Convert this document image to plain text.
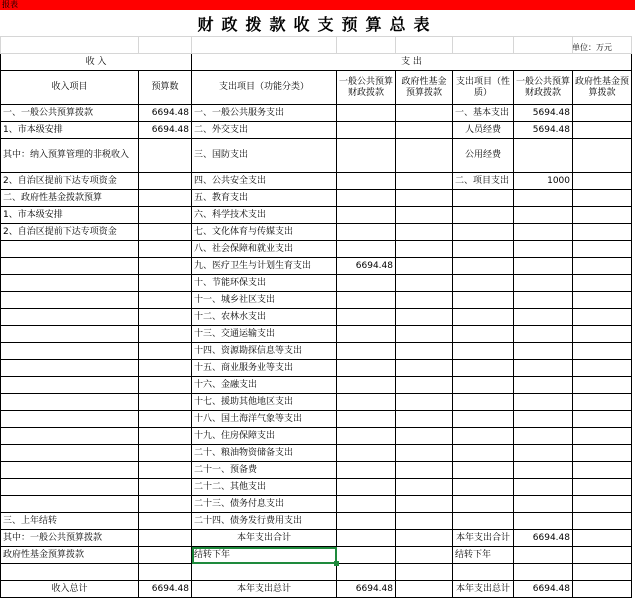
报表
财政拨款收支预算总表
单位：万元

收 入		支 出					
收入项目	预算数	支出项目（功能分类）	一般公共预算财政拨款	政府性基金预算拨款	支出项目（性质）	一般公共预算财政拨款	政府性基金预算拨款
一、一般公共预算拨款	6694.48	一、一般公共服务支出			一、基本支出	5694.48	
1、市本级安排	6694.48	二、外交支出			人员经费	5694.48	
其中：纳入预算管理的非税收入		三、国防支出			公用经费		
2、自治区提前下达专项资金		四、公共安全支出			二、项目支出	1000	
二、政府性基金拨款预算		五、教育支出					
1、市本级安排		六、科学技术支出					
2、自治区提前下达专项资金		七、文化体育与传媒支出					
		八、社会保障和就业支出					
		九、医疗卫生与计划生育支出	6694.48				
		十、节能环保支出					
		十一、城乡社区支出					
		十二、农林水支出					
		十三、交通运输支出					
		十四、资源勘探信息等支出					
		十五、商业服务业等支出					
		十六、金融支出					
		十七、援助其他地区支出					
		十八、国土海洋气象等支出					
		十九、住房保障支出					
		二十、粮油物资储备支出					
		二十一、预备费					
		二十二、其他支出					
		二十三、债务付息支出					
三、上年结转		二十四、债务发行费用支出					
其中：一般公共预算拨款		本年支出合计			本年支出合计	6694.48	
政府性基金预算拨款		结转下年			结转下年		

收入总计	6694.48	本年支出总计	6694.48		本年支出总计	6694.48	
